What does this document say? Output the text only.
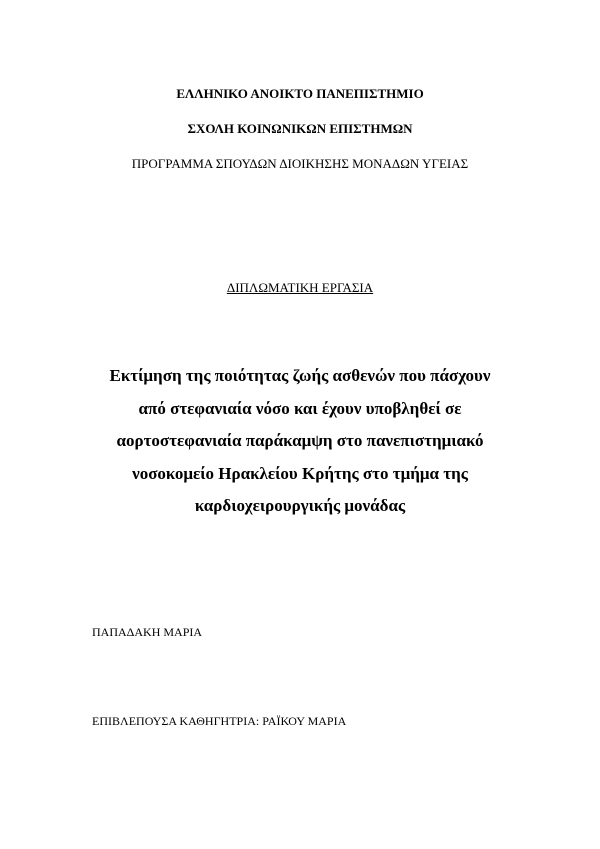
ΕΛΛΗΝΙΚΟ ΑΝΟΙΚΤΟ ΠΑΝΕΠΙΣΤΗΜΙΟ
ΣΧΟΛΗ ΚΟΙΝΩΝΙΚΩΝ ΕΠΙΣΤΗΜΩΝ
ΠΡΟΓΡΑΜΜΑ ΣΠΟΥΔΩΝ ΔΙΟΙΚΗΣΗΣ ΜΟΝΑΔΩΝ ΥΓΕΙΑΣ
ΔΙΠΛΩΜΑΤΙΚΗ ΕΡΓΑΣΙΑ
Εκτίμηση της ποιότητας ζωής ασθενών που πάσχουν
από στεφανιαία νόσο και έχουν υποβληθεί σε
αορτοστεφανιαία παράκαμψη στο πανεπιστημιακό
νοσοκομείο Ηρακλείου Κρήτης στο τμήμα της
καρδιοχειρουργικής μονάδας
ΠΑΠΑΔΑΚΗ ΜΑΡΙΑ
ΕΠΙΒΛΕΠΟΥΣΑ ΚΑΘΗΓΗΤΡΙΑ: ΡΑΪΚΟΥ ΜΑΡΙΑ
